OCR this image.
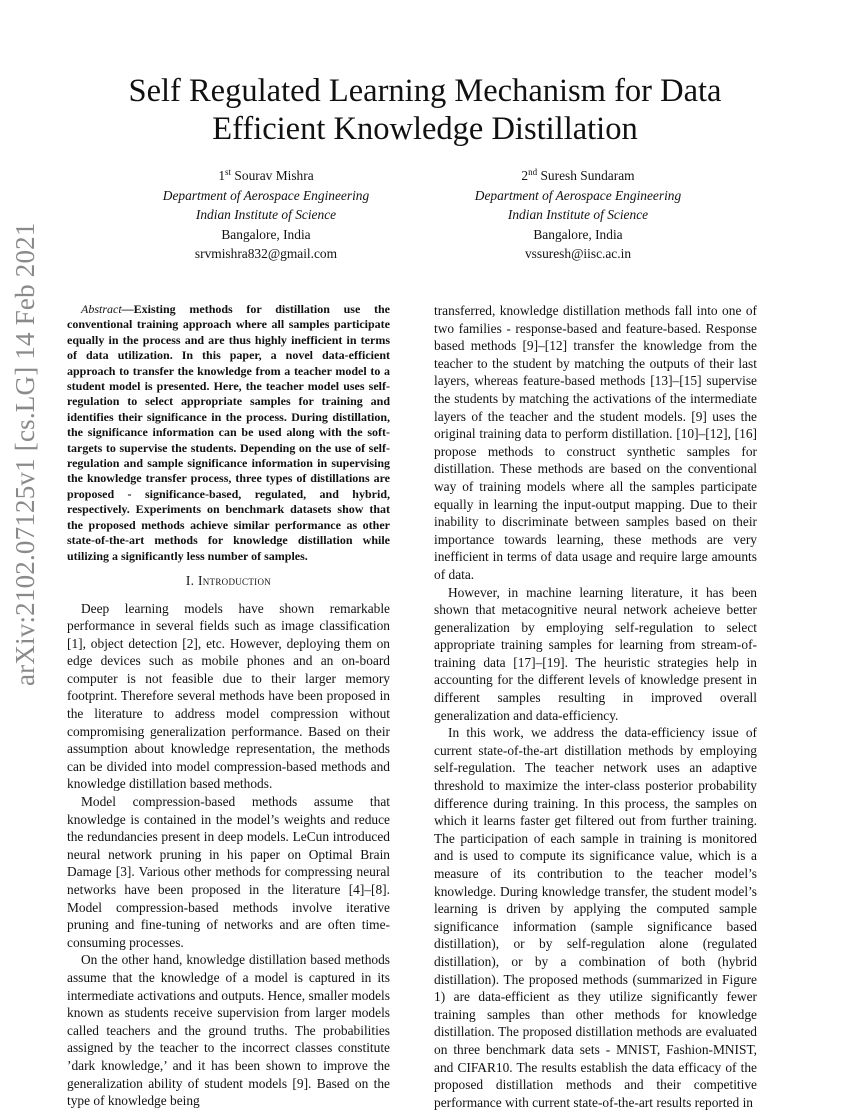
arXiv:2102.07125v1 [cs.LG] 14 Feb 2021
Self Regulated Learning Mechanism for Data
Efficient Knowledge Distillation
1st Sourav Mishra
Department of Aerospace Engineering
Indian Institute of Science
Bangalore, India
srvmishra832@gmail.com
2nd Suresh Sundaram
Department of Aerospace Engineering
Indian Institute of Science
Bangalore, India
vssuresh@iisc.ac.in

Abstract—Existing methods for distillation use the conventional training approach where all samples participate equally in the process and are thus highly inefficient in terms of data utilization. In this paper, a novel data-efficient approach to transfer the knowledge from a teacher model to a student model is presented. Here, the teacher model uses self-regulation to select appropriate samples for training and identifies their significance in the process. During distillation, the significance information can be used along with the soft-targets to supervise the students. Depending on the use of self-regulation and sample significance information in supervising the knowledge transfer process, three types of distillations are proposed - significance-based, regulated, and hybrid, respectively. Experiments on benchmark datasets show that the proposed methods achieve similar performance as other state-of-the-art methods for knowledge distillation while utilizing a significantly less number of samples.

I. Introduction

Deep learning models have shown remarkable performance in several fields such as image classification [1], object detection [2], etc. However, deploying them on edge devices such as mobile phones and an on-board computer is not feasible due to their larger memory footprint. Therefore several methods have been proposed in the literature to address model compression without compromising generalization performance. Based on their assumption about knowledge representation, the methods can be divided into model compression-based methods and knowledge distillation based methods.

Model compression-based methods assume that knowledge is contained in the model’s weights and reduce the redundancies present in deep models. LeCun introduced neural network pruning in his paper on Optimal Brain Damage [3]. Various other methods for compressing neural networks have been proposed in the literature [4]–[8]. Model compression-based methods involve iterative pruning and fine-tuning of networks and are often time-consuming processes.

On the other hand, knowledge distillation based methods assume that the knowledge of a model is captured in its intermediate activations and outputs. Hence, smaller models known as students receive supervision from larger models called teachers and the ground truths. The probabilities assigned by the teacher to the incorrect classes constitute ’dark knowledge,’ and it has been shown to improve the generalization ability of student models [9]. Based on the type of knowledge being

transferred, knowledge distillation methods fall into one of two families - response-based and feature-based. Response based methods [9]–[12] transfer the knowledge from the teacher to the student by matching the outputs of their last layers, whereas feature-based methods [13]–[15] supervise the students by matching the activations of the intermediate layers of the teacher and the student models. [9] uses the original training data to perform distillation. [10]–[12], [16] propose methods to construct synthetic samples for distillation. These methods are based on the conventional way of training models where all the samples participate equally in learning the input-output mapping. Due to their inability to discriminate between samples based on their importance towards learning, these methods are very inefficient in terms of data usage and require large amounts of data.

However, in machine learning literature, it has been shown that metacognitive neural network acheieve better generalization by employing self-regulation to select appropriate training samples for learning from stream-of-training data [17]–[19]. The heuristic strategies help in accounting for the different levels of knowledge present in different samples resulting in improved overall generalization and data-efficiency.

In this work, we address the data-efficiency issue of current state-of-the-art distillation methods by employing self-regulation. The teacher network uses an adaptive threshold to maximize the inter-class posterior probability difference during training. In this process, the samples on which it learns faster get filtered out from further training. The participation of each sample in training is monitored and is used to compute its significance value, which is a measure of its contribution to the teacher model’s knowledge. During knowledge transfer, the student model’s learning is driven by applying the computed sample significance information (sample significance based distillation), or by self-regulation alone (regulated distillation), or by a combination of both (hybrid distillation). The proposed methods (summarized in Figure 1) are data-efficient as they utilize significantly fewer training samples than other methods for knowledge distillation. The proposed distillation methods are evaluated on three benchmark data sets - MNIST, Fashion-MNIST, and CIFAR10. The results establish the data efficacy of the proposed distillation methods and their competitive performance with current state-of-the-art results reported in
